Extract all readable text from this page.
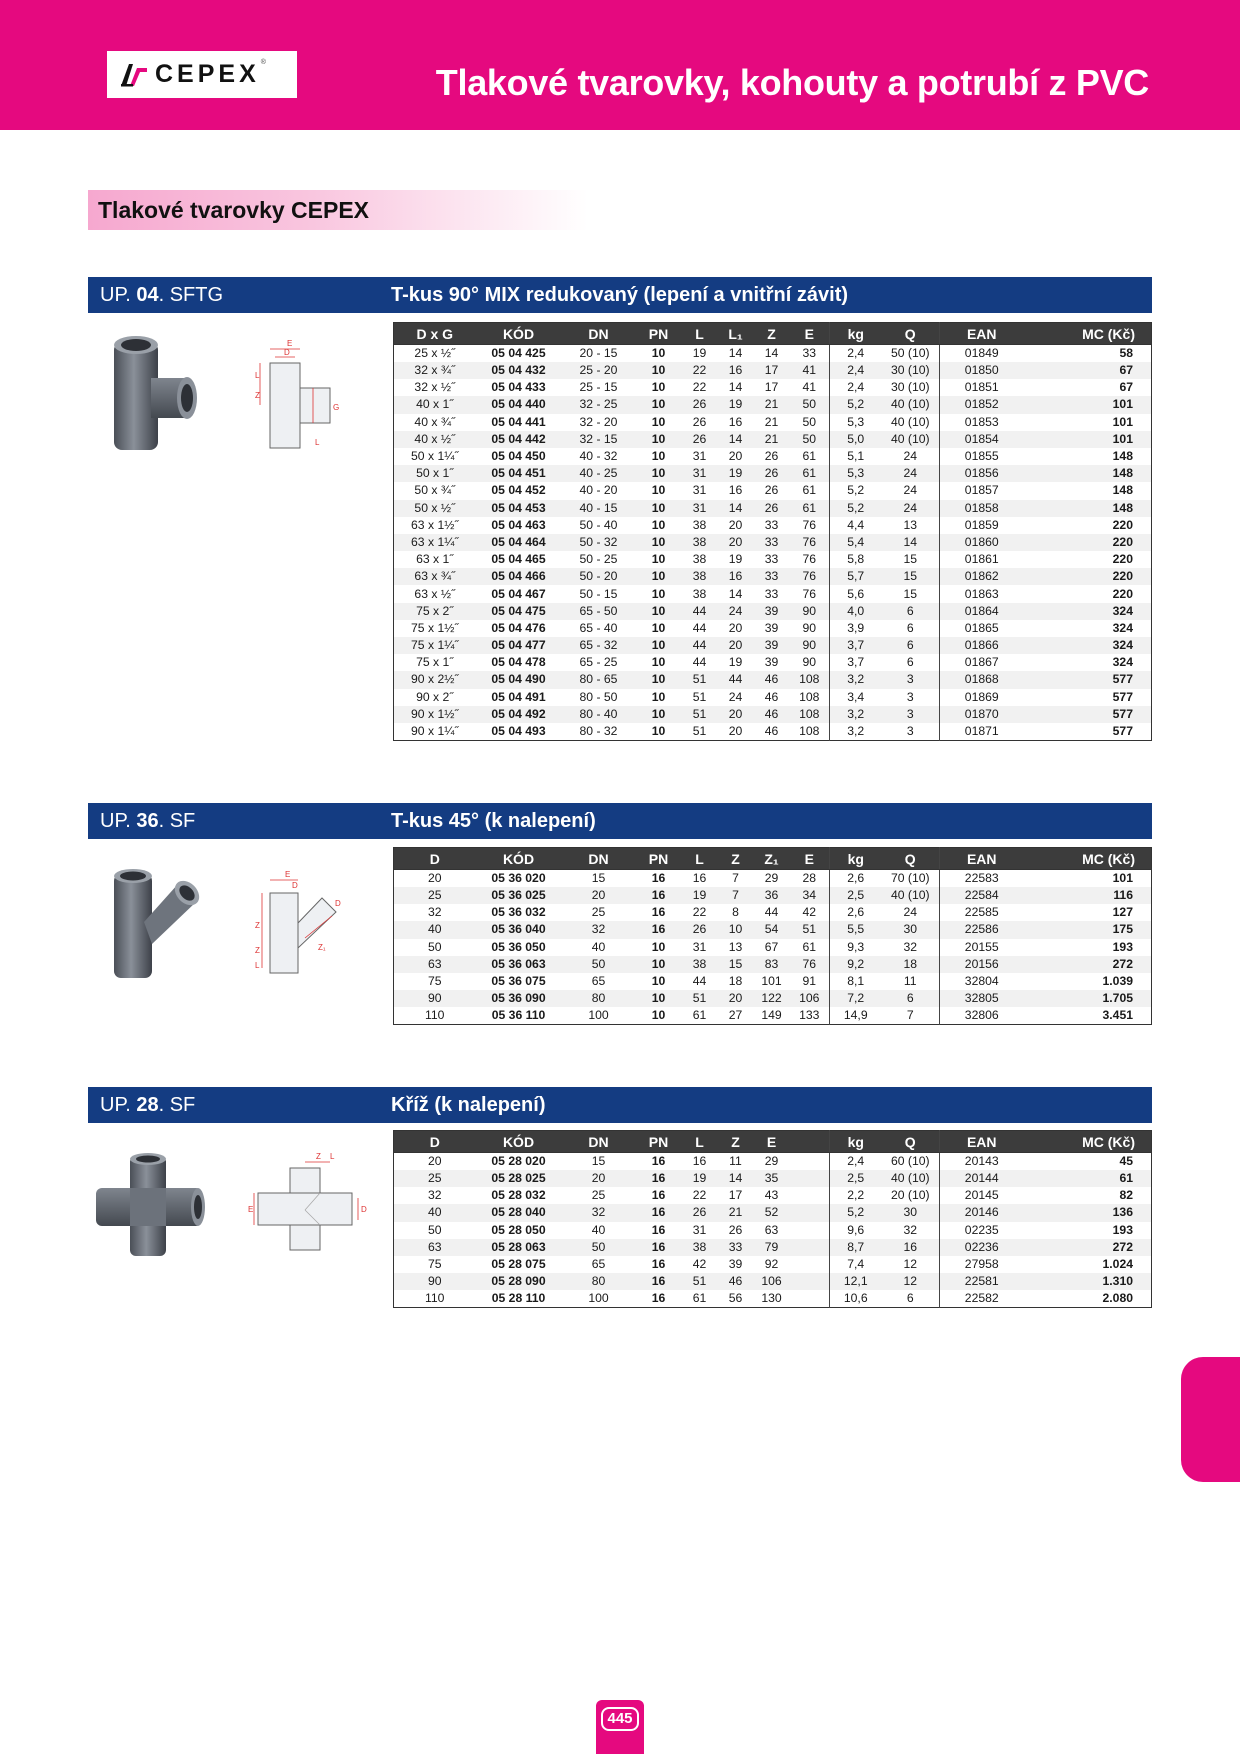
CEPEX ®	Tlakové tvarovky, kohouty a potrubí z PVC
Tlakové tvarovky CEPEX
UP. 04. SFTG	T-kus 90° MIX redukovaný (lepení a vnitřní závit)
E
D
L
Z
G
L
D x G	KÓD	DN	PN	L	L₁	Z	E	kg	Q	EAN	MC (Kč)
25 x ½˝	05 04 425	20 - 15	10	19	14	14	33	2,4	50 (10)	01849	58
32 x ¾˝	05 04 432	25 - 20	10	22	16	17	41	2,4	30 (10)	01850	67
32 x ½˝	05 04 433	25 - 15	10	22	14	17	41	2,4	30 (10)	01851	67
40 x 1˝	05 04 440	32 - 25	10	26	19	21	50	5,2	40 (10)	01852	101
40 x ¾˝	05 04 441	32 - 20	10	26	16	21	50	5,3	40 (10)	01853	101
40 x ½˝	05 04 442	32 - 15	10	26	14	21	50	5,0	40 (10)	01854	101
50 x 1¼˝	05 04 450	40 - 32	10	31	20	26	61	5,1	24	01855	148
50 x 1˝	05 04 451	40 - 25	10	31	19	26	61	5,3	24	01856	148
50 x ¾˝	05 04 452	40 - 20	10	31	16	26	61	5,2	24	01857	148
50 x ½˝	05 04 453	40 - 15	10	31	14	26	61	5,2	24	01858	148
63 x 1½˝	05 04 463	50 - 40	10	38	20	33	76	4,4	13	01859	220
63 x 1¼˝	05 04 464	50 - 32	10	38	20	33	76	5,4	14	01860	220
63 x 1˝	05 04 465	50 - 25	10	38	19	33	76	5,8	15	01861	220
63 x ¾˝	05 04 466	50 - 20	10	38	16	33	76	5,7	15	01862	220
63 x ½˝	05 04 467	50 - 15	10	38	14	33	76	5,6	15	01863	220
75 x 2˝	05 04 475	65 - 50	10	44	24	39	90	4,0	6	01864	324
75 x 1½˝	05 04 476	65 - 40	10	44	20	39	90	3,9	6	01865	324
75 x 1¼˝	05 04 477	65 - 32	10	44	20	39	90	3,7	6	01866	324
75 x 1˝	05 04 478	65 - 25	10	44	19	39	90	3,7	6	01867	324
90 x 2½˝	05 04 490	80 - 65	10	51	44	46	108	3,2	3	01868	577
90 x 2˝	05 04 491	80 - 50	10	51	24	46	108	3,4	3	01869	577
90 x 1½˝	05 04 492	80 - 40	10	51	20	46	108	3,2	3	01870	577
90 x 1¼˝	05 04 493	80 - 32	10	51	20	46	108	3,2	3	01871	577
UP. 36. SF	T-kus 45° (k nalepení)
E
D
D
Z
Z
L
Z₁
D	KÓD	DN	PN	L	Z	Z₁	E	kg	Q	EAN	MC (Kč)
20	05 36 020	15	16	16	7	29	28	2,6	70 (10)	22583	101
25	05 36 025	20	16	19	7	36	34	2,5	40 (10)	22584	116
32	05 36 032	25	16	22	8	44	42	2,6	24	22585	127
40	05 36 040	32	16	26	10	54	51	5,5	30	22586	175
50	05 36 050	40	10	31	13	67	61	9,3	32	20155	193
63	05 36 063	50	10	38	15	83	76	9,2	18	20156	272
75	05 36 075	65	10	44	18	101	91	8,1	11	32804	1.039
90	05 36 090	80	10	51	20	122	106	7,2	6	32805	1.705
110	05 36 110	100	10	61	27	149	133	14,9	7	32806	3.451
UP. 28. SF	Kříž (k nalepení)
Z L
E	D
D	KÓD	DN	PN	L	Z	E		kg	Q	EAN	MC (Kč)
20	05 28 020	15	16	16	11	29		2,4	60 (10)	20143	45
25	05 28 025	20	16	19	14	35		2,5	40 (10)	20144	61
32	05 28 032	25	16	22	17	43		2,2	20 (10)	20145	82
40	05 28 040	32	16	26	21	52		5,2	30	20146	136
50	05 28 050	40	16	31	26	63		9,6	32	02235	193
63	05 28 063	50	16	38	33	79		8,7	16	02236	272
75	05 28 075	65	16	42	39	92		7,4	12	27958	1.024
90	05 28 090	80	16	51	46	106		12,1	12	22581	1.310
110	05 28 110	100	16	61	56	130		10,6	6	22582	2.080
445
